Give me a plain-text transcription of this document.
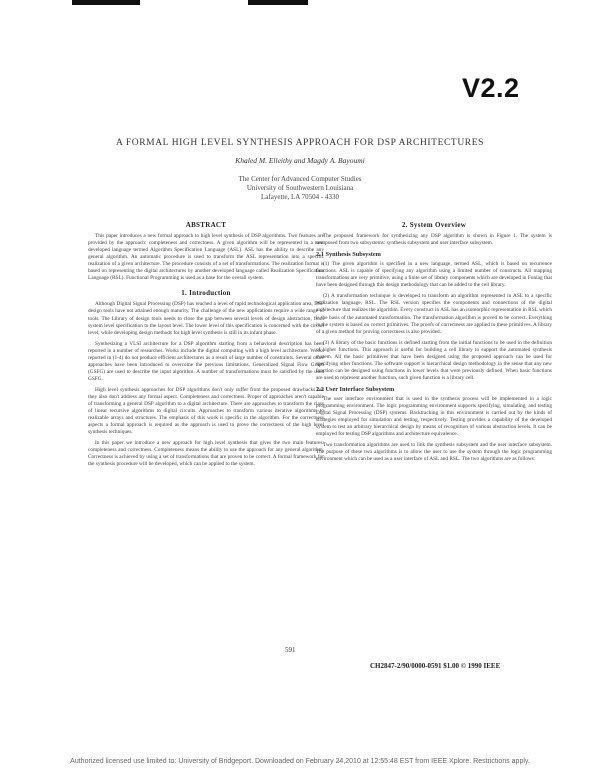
V2.2
A FORMAL HIGH LEVEL SYNTHESIS APPROACH FOR DSP ARCHITECTURES
Khaled M. Elleithy and Magdy A. Bayoumi
The Center for Advanced Computer Studies
University of Southwestern Louisiana
Lafayette, LA 70504 - 4330
ABSTRACT

This paper introduces a new formal approach to high level synthesis of DSP algorithms. Two features are provided by the approach: completeness and correctness. A given algorithm will be represented in a new developed language termed Algorithm Specification Language (ASL). ASL has the ability to describe any general algorithm. An automatic procedure is used to transform the ASL representation into a specific realization of a given architecture. The procedure consists of a set of transformations. The realization format is based on representing the digital architectures by another developed language called Realization Specification Language (RSL). Functional Programming is used as a base for the overall system.

1. Introduction

Although Digital Signal Processing (DSP) has reached a level of rapid technological application area, DSP design tools have not attained enough maturity. The challenge of the new applications require a wide range of tools. The Library of design tools needs to close the gap between several levels of design abstraction, from system level specification to the layout level. The lower level of this specification is concerned with the circuit level, while developing design methods for high level synthesis is still in its infant phase.

Synthesizing a VLSI architecture for a DSP algorithm starting from a behavioral description has been reported in a number of researches. Works include the digital computing with a high level architecture. Works reported in (1-4) do not produce efficient architectures as a result of large number of constraints. Several other approaches have been introduced to overcome the previous limitations. Generalized Signal Flow Graph (GSFG) are used to describe the input algorithm. A number of transformations must be satisfied by the used GSFG.

High level synthesis approaches for DSP algorithms don't only suffer from the proposed drawbacks but they also don't address any formal aspect. Completeness and correctness. Proper of approaches aren't capable of transforming a general DSP algorithm to a digital architecture. There are approaches to transform the class of linear recursive algorithms to digital circuits. Approaches to transform various iterative algorithms to realizable arrays and structures. The emphasis of this work is specific in the algorithm. For the correctness aspects a formal approach is required as the approach is used to prove the correctness of the high level synthesis techniques.

In this paper we introduce a new approach for high level synthesis that gives the two main features: completeness and correctness. Completeness means the ability to use the approach for any general algorithm. Correctness is achieved by using a set of transformations that are proven to be correct. A formal framework for the synthesis procedure will be developed, which can be applied to the system.

2. System Overview

The proposed framework for synthesizing any DSP algorithm is shown in Figure 1. The system is composed from two subsystems: synthesis subsystem and user interface subsystem.

2.1 Synthesis Subsystem

(1) The given algorithm is specified in a new language, termed ASL, which is based on recurrence functions. ASL is capable of specifying any algorithm using a limited number of constructs. All mapping transformations are very primitive, using a finite set of library components which are developed in Funlag that have been designed through this design methodology that can be added to the cell library.

(2) A transformation technique is developed to transform an algorithm represented in ASL to a specific realization language, RSL. The RSL version specifies the components and connections of the digital architecture that realizes the algorithm. Every construct in ASL has an isomorphic representation in RSL which is the basis of the automated transformation. The transformation algorithm is proved to be correct. Everything in the system is based on correct primitives. The proofs of correctness are applied to these primitives. A library of a given method for proving correctness is also provided.

(3) A library of the basic functions is defined starting from the initial functions to be used in the definition of higher functions. This approach is useful for building a cell library to support the automated synthesis system. All the basic primitives that have been designed using the proposed approach can be used for specifying other functions. The software support is hierarchical design methodology in the sense that any new function can be designed using functions in lower levels that were previously defined. When basic functions are used to represent another function, such given function is a library cell.

2.2 User Interface Subsystem

The user interface environment that is used in the synthesis process will be implemented in a logic programming environment. The logic programming environment supports specifying, simulating, and testing Digital Signal Processing (DSP) systems. Backtracking in this environment is carried out by the kinds of strategies employed for simulation and testing, respectively. Testing provides a capability of the developed system to test an arbitrary hierarchical design by means of recognition of various abstraction levels. It can be employed for testing DSP algorithms and architecture equivalence.

Two transformation algorithms are used to link the synthesis subsystem and the user interface subsystem. The purpose of these two algorithms is to allow the user to use the system through the logic programming environment which can be used as a user interface of ASL and RSL. The two algorithms are as follows:

591
CH2847-2/90/0000-0591 $1.00 © 1990 IEEE
Authorized licensed use limited to: University of Bridgeport. Downloaded on February 24,2010 at 12:55:48 EST from IEEE Xplore. Restrictions apply.
